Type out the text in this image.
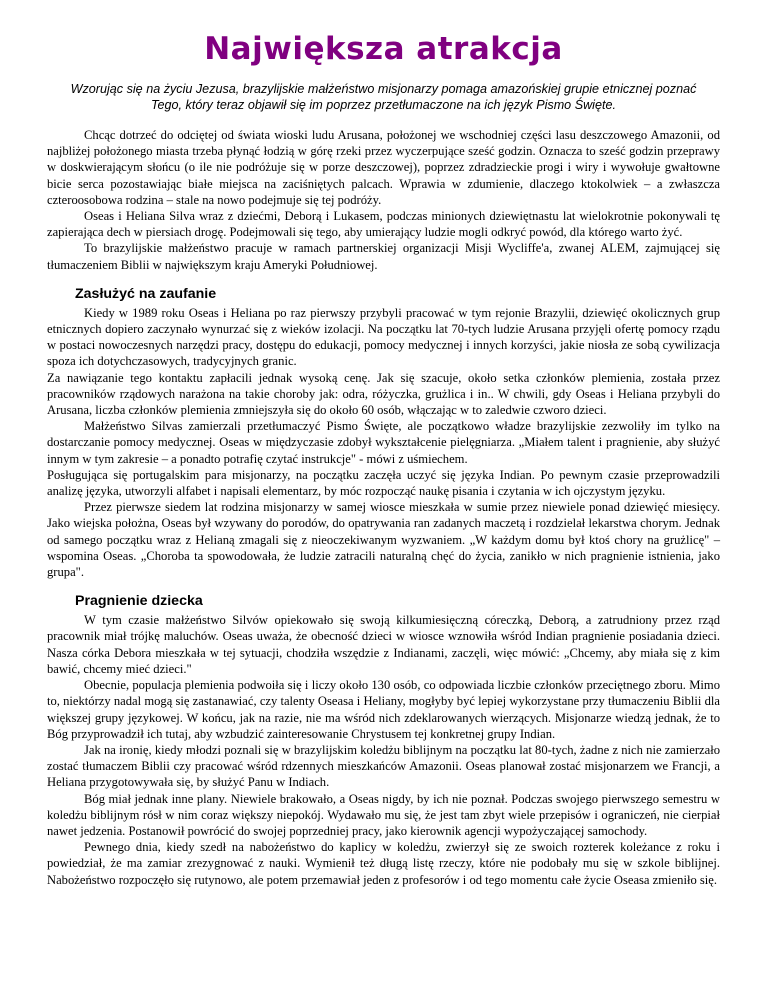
Największa atrakcja

Wzorując się na życiu Jezusa, brazylijskie małżeństwo misjonarzy pomaga amazońskiej grupie etnicznej poznać Tego, który teraz objawił się im poprzez przetłumaczone na ich język Pismo Święte.

Chcąc dotrzeć do odciętej od świata wioski ludu Arusana, położonej we wschodniej części lasu deszczowego Amazonii, od najbliżej położonego miasta trzeba płynąć łodzią w górę rzeki przez wyczerpujące sześć godzin. Oznacza to sześć godzin przeprawy w doskwierającym słońcu (o ile nie podróżuje się w porze deszczowej), poprzez zdradzieckie progi i wiry i wywołuje gwałtowne bicie serca pozostawiając białe miejsca na zaciśniętych palcach. Wprawia w zdumienie, dlaczego ktokolwiek – a zwłaszcza czteroosobowa rodzina – stale na nowo podejmuje się tej podróży.

Oseas i Heliana Silva wraz z dziećmi, Deborą i Lukasem, podczas minionych dziewiętnastu lat wielokrotnie pokonywali tę zapierająca dech w piersiach drogę. Podejmowali się tego, aby umierający ludzie mogli odkryć powód, dla którego warto żyć.

To brazylijskie małżeństwo pracuje w ramach partnerskiej organizacji Misji Wycliffe'a, zwanej ALEM, zajmującej się tłumaczeniem Biblii w największym kraju Ameryki Południowej.

Zasłużyć na zaufanie

Kiedy w 1989 roku Oseas i Heliana po raz pierwszy przybyli pracować w tym rejonie Brazylii, dziewięć okolicznych grup etnicznych dopiero zaczynało wynurzać się z wieków izolacji. Na początku lat 70-tych ludzie Arusana przyjęli ofertę pomocy rządu w postaci nowoczesnych narzędzi pracy, dostępu do edukacji, pomocy medycznej i innych korzyści, jakie niosła ze sobą cywilizacja spoza ich dotychczasowych, tradycyjnych granic.

Za nawiązanie tego kontaktu zapłacili jednak wysoką cenę. Jak się szacuje, około setka członków plemienia, została przez pracowników rządowych narażona na takie choroby jak: odra, różyczka, grużlica i in.. W chwili, gdy Oseas i Heliana przybyli do Arusana, liczba członków plemienia zmniejszyła się do około 60 osób, włączając w to zaledwie czworo dzieci.

Małżeństwo Silvas zamierzali przetłumaczyć Pismo Święte, ale początkowo władze brazylijskie zezwoliły im tylko na dostarczanie pomocy medycznej. Oseas w międzyczasie zdobył wykształcenie pielęgniarza. „Miałem talent i pragnienie, aby służyć innym w tym zakresie – a ponadto potrafię czytać instrukcje" - mówi z uśmiechem.

Posługująca się portugalskim para misjonarzy, na początku zaczęła uczyć się języka Indian. Po pewnym czasie przeprowadzili analizę języka, utworzyli alfabet i napisali elementarz, by móc rozpocząć naukę pisania i czytania w ich ojczystym języku.

Przez pierwsze siedem lat rodzina misjonarzy w samej wiosce mieszkała w sumie przez niewiele ponad dziewięć miesięcy. Jako wiejska położna, Oseas był wzywany do porodów, do opatrywania ran zadanych maczetą i rozdzielał lekarstwa chorym. Jednak od samego początku wraz z Helianą zmagali się z nieoczekiwanym wyzwaniem. „W każdym domu był ktoś chory na grużlicę" – wspomina Oseas. „Choroba ta spowodowała, że ludzie zatracili naturalną chęć do życia, zanikło w nich pragnienie istnienia, jako grupa".

Pragnienie dziecka

W tym czasie małżeństwo Silvów opiekowało się swoją kilkumiesięczną córeczką, Deborą, a zatrudniony przez rząd pracownik miał trójkę maluchów. Oseas uważa, że obecność dzieci w wiosce wznowiła wśród Indian pragnienie posiadania dzieci. Nasza córka Debora mieszkała w tej sytuacji, chodziła wszędzie z Indianami, zaczęli, więc mówić: „Chcemy, aby miała się z kim bawić, chcemy mieć dzieci."

Obecnie, populacja plemienia podwoiła się i liczy około 130 osób, co odpowiada liczbie członków przeciętnego zboru. Mimo to, niektórzy nadal mogą się zastanawiać, czy talenty Oseasa i Heliany, mogłyby być lepiej wykorzystane przy tłumaczeniu Biblii dla większej grupy językowej. W końcu, jak na razie, nie ma wśród nich zdeklarowanych wierzących. Misjonarze wiedzą jednak, że to Bóg przyprowadził ich tutaj, aby wzbudzić zainteresowanie Chrystusem tej konkretnej grupy Indian.

Jak na ironię, kiedy młodzi poznali się w brazylijskim koledżu biblijnym na początku lat 80-tych, żadne z nich nie zamierzało zostać tłumaczem Biblii czy pracować wśród rdzennych mieszkańców Amazonii. Oseas planował zostać misjonarzem we Francji, a Heliana przygotowywała się, by służyć Panu w Indiach.

Bóg miał jednak inne plany. Niewiele brakowało, a Oseas nigdy, by ich nie poznał. Podczas swojego pierwszego semestru w koledżu biblijnym rósł w nim coraz większy niepokój. Wydawało mu się, że jest tam zbyt wiele przepisów i ograniczeń, nie cierpiał nawet jedzenia. Postanowił powrócić do swojej poprzedniej pracy, jako kierownik agencji wypożyczającej samochody.

Pewnego dnia, kiedy szedł na nabożeństwo do kaplicy w koledżu, zwierzył się ze swoich rozterek koleżance z roku i powiedział, że ma zamiar zrezygnować z nauki. Wymienił też długą listę rzeczy, które nie podobały mu się w szkole biblijnej. Nabożeństwo rozpoczęło się rutynowo, ale potem przemawiał jeden z profesorów i od tego momentu całe życie Oseasa zmieniło się.
